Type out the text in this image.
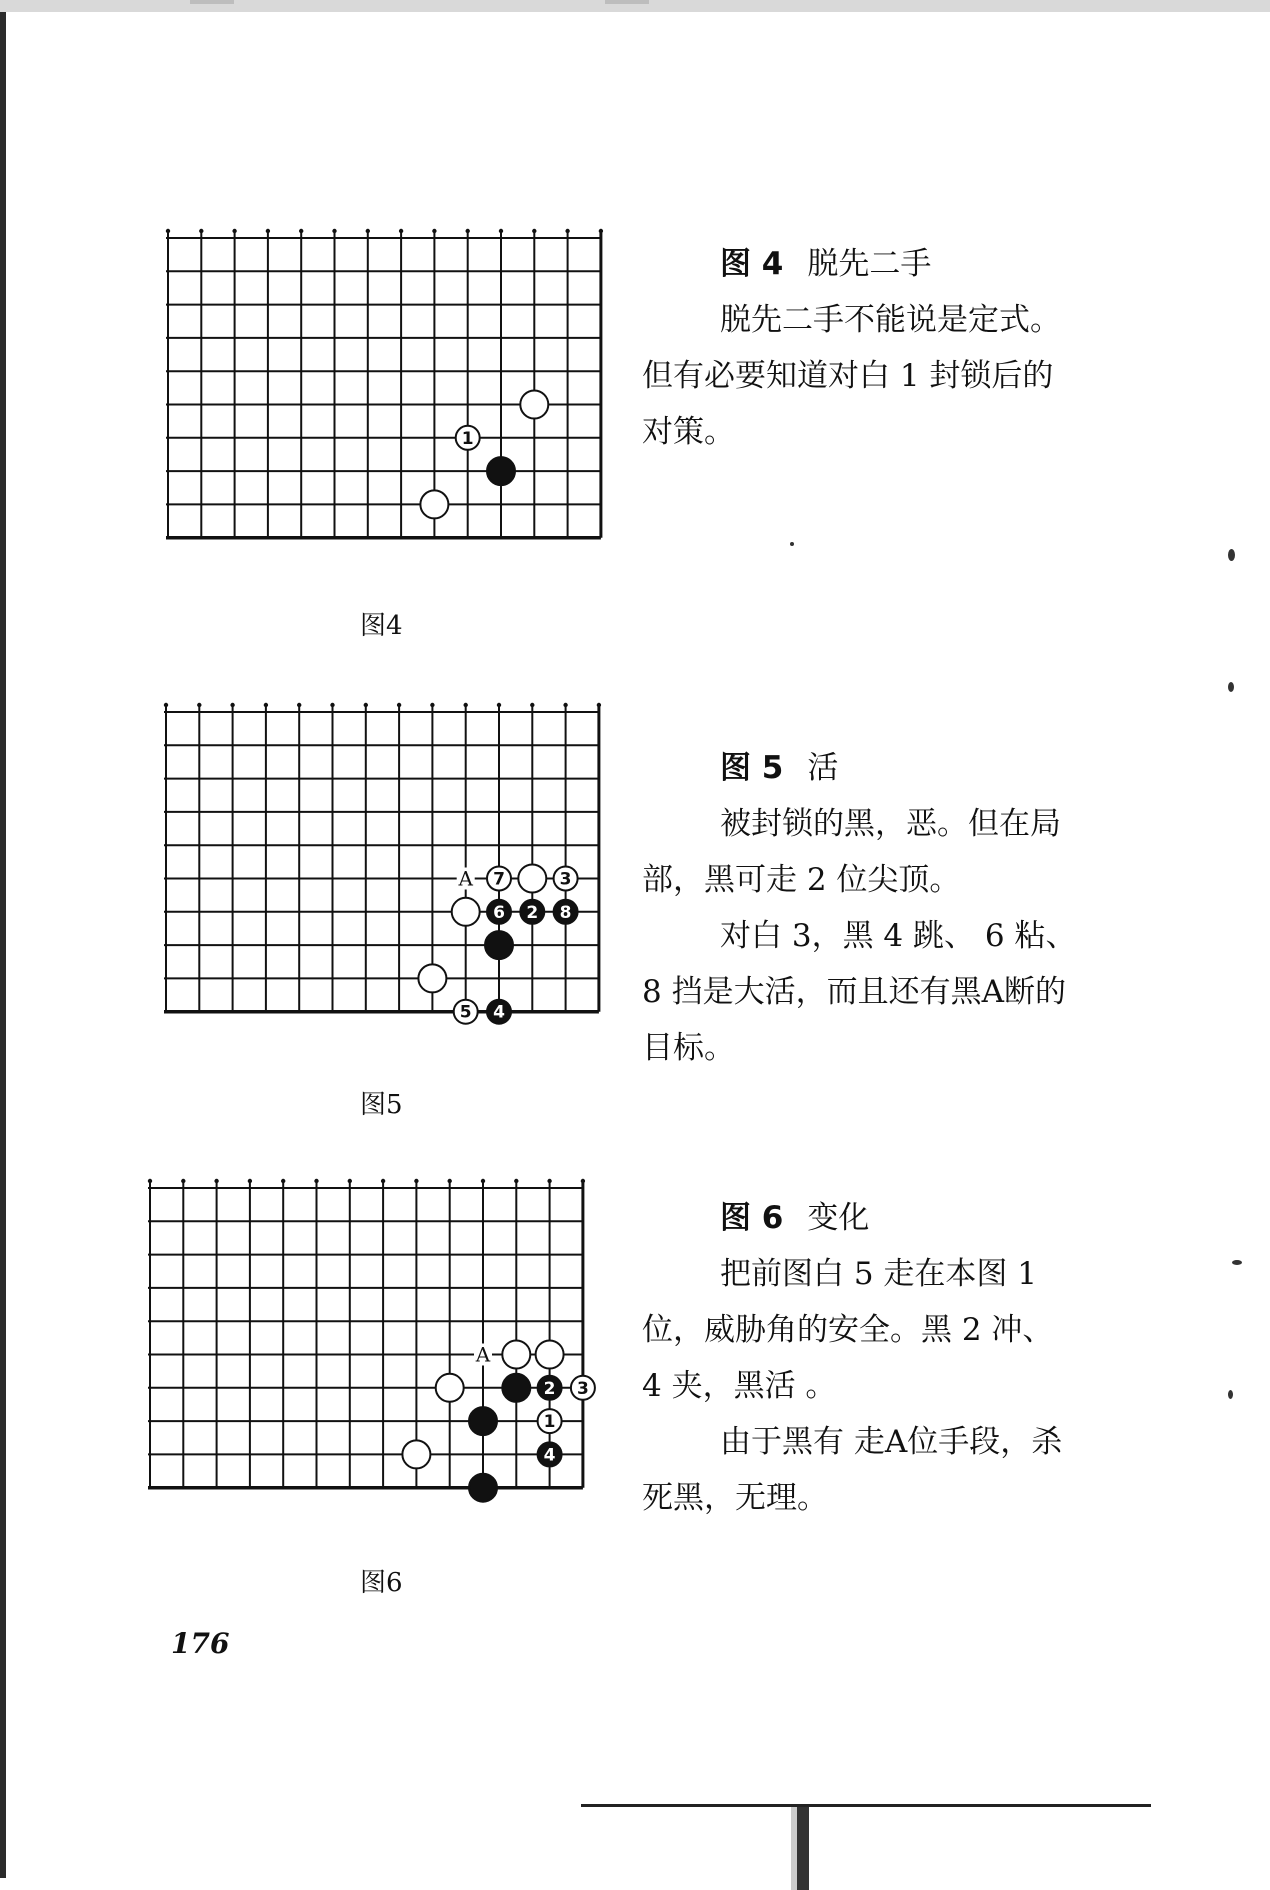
1
图4
图 4 脱先二手

脱先二手不能说是定式。但有必要知道对白 1 封锁后的对策。

7	3
6 2 8
5 4
A
图5
图 5 活

被封锁的黑，恶。但在局部，黑可走 2 位尖顶。

对白 3，黑 4 跳、 6 粘、8 挡是大活，而且还有黑A断的目标。

2 3
1
4
A
图6
图 6 变化

把前图白 5 走在本图 1 位，威胁角的安全。黑 2 冲、 4 夹，黑活 。

由于黑有 走A位手段，杀死黑，无理。

176
